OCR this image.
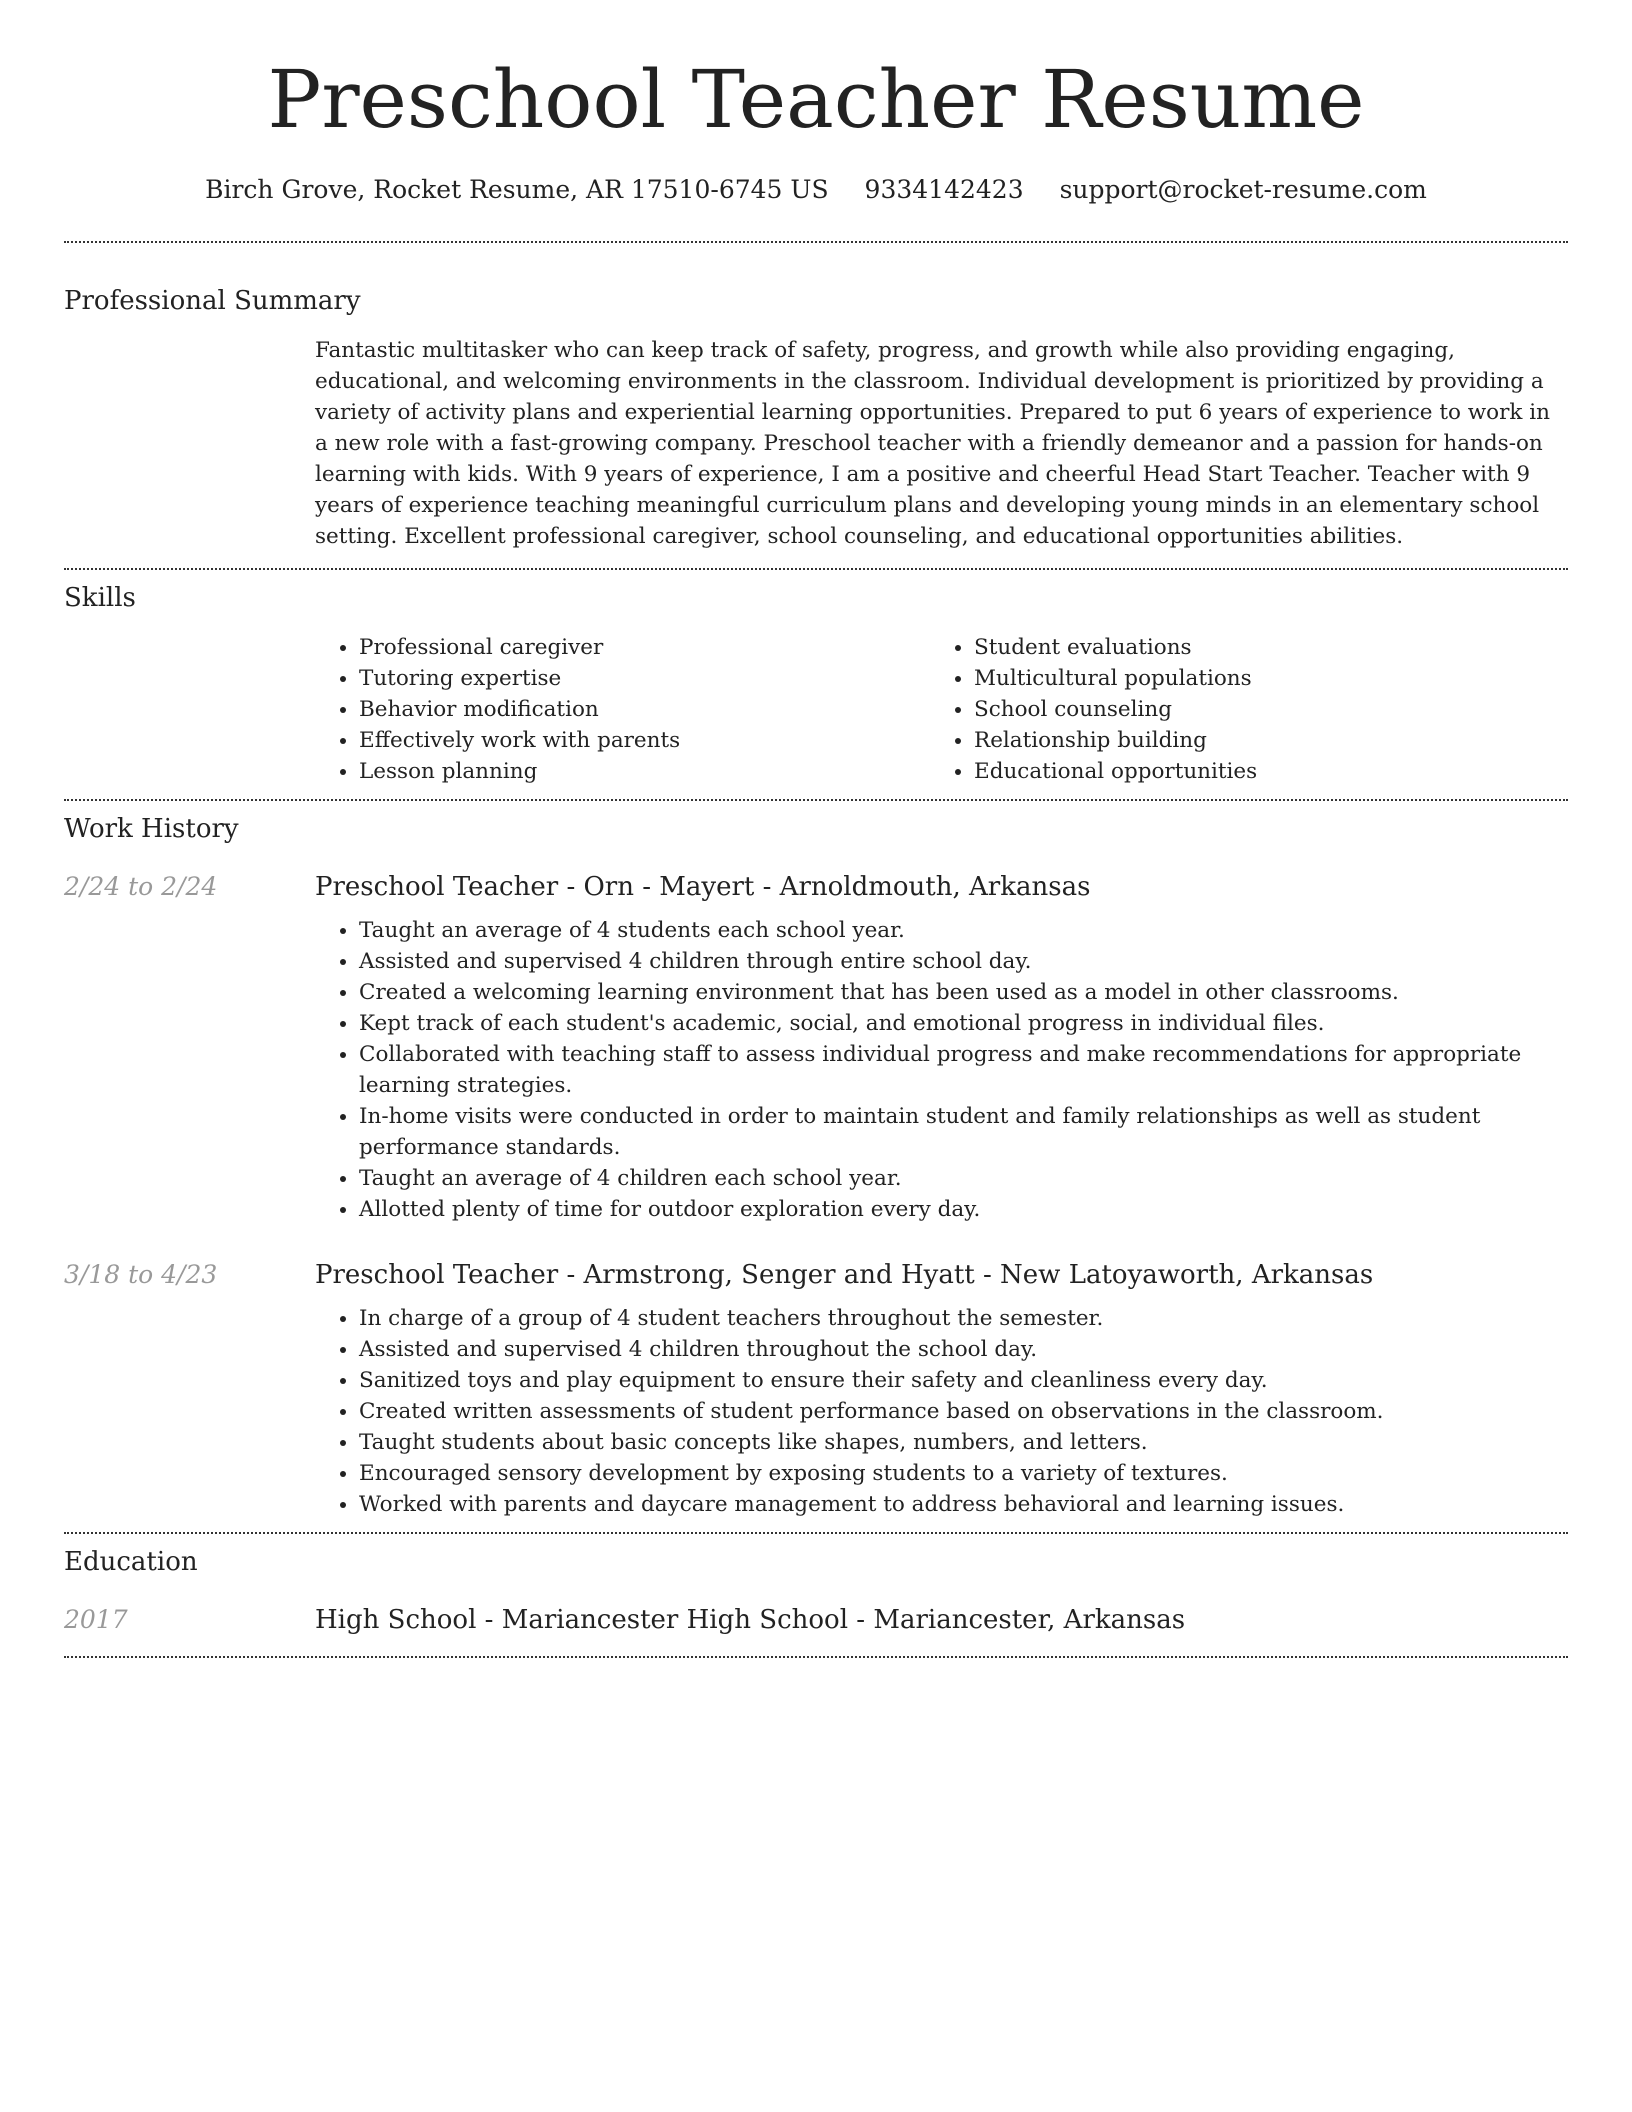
Preschool Teacher Resume
Birch Grove, Rocket Resume, AR 17510-6745 US 9334142423 support@rocket-resume.com
Professional Summary

Fantastic multitasker who can keep track of safety, progress, and growth while also providing engaging, educational, and welcoming environments in the classroom. Individual development is prioritized by providing a variety of activity plans and experiential learning opportunities. Prepared to put 6 years of experience to work in a new role with a fast-growing company. Preschool teacher with a friendly demeanor and a passion for hands-on learning with kids. With 9 years of experience, I am a positive and cheerful Head Start Teacher. Teacher with 9 years of experience teaching meaningful curriculum plans and developing young minds in an elementary school setting. Excellent professional caregiver, school counseling, and educational opportunities abilities.

Skills
• Professional caregiver
• Tutoring expertise
• Behavior modification
• Effectively work with parents
• Lesson planning
• Student evaluations
• Multicultural populations
• School counseling
• Relationship building
• Educational opportunities
Work History
2/24 to 2/24	Preschool Teacher - Orn - Mayert - Arnoldmouth, Arkansas
• Taught an average of 4 students each school year.
• Assisted and supervised 4 children through entire school day.
• Created a welcoming learning environment that has been used as a model in other classrooms.
• Kept track of each student's academic, social, and emotional progress in individual files.
• Collaborated with teaching staff to assess individual progress and make recommendations for appropriate learning strategies.
• In-home visits were conducted in order to maintain student and family relationships as well as student performance standards.
• Taught an average of 4 children each school year.
• Allotted plenty of time for outdoor exploration every day.
3/18 to 4/23	Preschool Teacher - Armstrong, Senger and Hyatt - New Latoyaworth, Arkansas
• In charge of a group of 4 student teachers throughout the semester.
• Assisted and supervised 4 children throughout the school day.
• Sanitized toys and play equipment to ensure their safety and cleanliness every day.
• Created written assessments of student performance based on observations in the classroom.
• Taught students about basic concepts like shapes, numbers, and letters.
• Encouraged sensory development by exposing students to a variety of textures.
• Worked with parents and daycare management to address behavioral and learning issues.
Education
2017	High School - Mariancester High School - Mariancester, Arkansas
